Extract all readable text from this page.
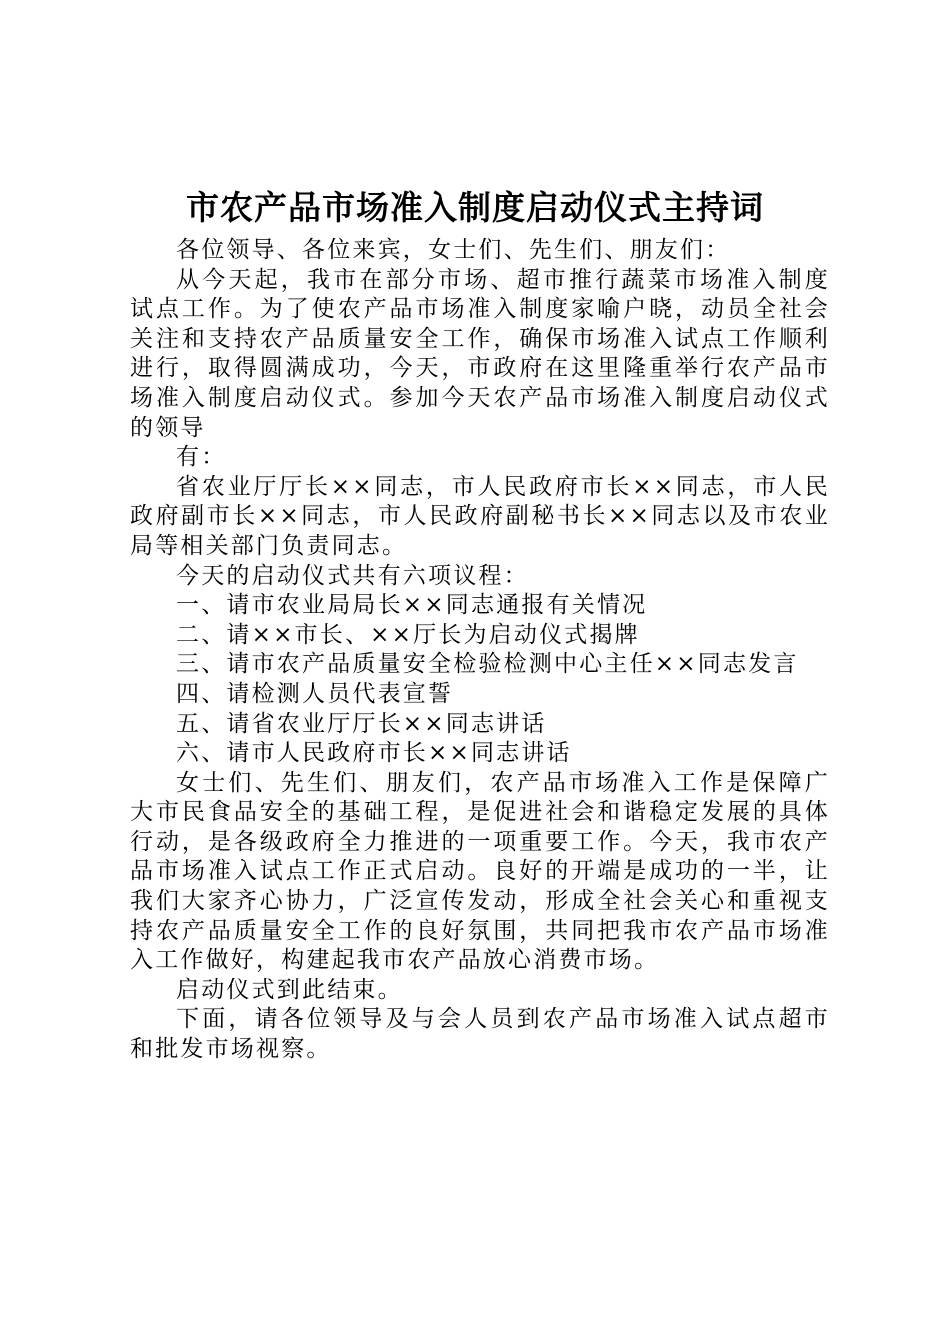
市农产品市场准入制度启动仪式主持词

各位领导、各位来宾，女士们、先生们、朋友们：

从今天起，我市在部分市场、超市推行蔬菜市场准入制度试点工作。为了使农产品市场准入制度家喻户晓，动员全社会关注和支持农产品质量安全工作，确保市场准入试点工作顺利进行，取得圆满成功，今天，市政府在这里隆重举行农产品市场准入制度启动仪式。参加今天农产品市场准入制度启动仪式的领导

有：

省农业厅厅长××同志，市人民政府市长××同志，市人民政府副市长××同志，市人民政府副秘书长××同志以及市农业局等相关部门负责同志。

今天的启动仪式共有六项议程：

一、请市农业局局长××同志通报有关情况

二、请××市长、××厅长为启动仪式揭牌

三、请市农产品质量安全检验检测中心主任××同志发言

四、请检测人员代表宣誓

五、请省农业厅厅长××同志讲话

六、请市人民政府市长××同志讲话

女士们、先生们、朋友们，农产品市场准入工作是保障广大市民食品安全的基础工程，是促进社会和谐稳定发展的具体行动，是各级政府全力推进的一项重要工作。今天，我市农产品市场准入试点工作正式启动。良好的开端是成功的一半，让我们大家齐心协力，广泛宣传发动，形成全社会关心和重视支持农产品质量安全工作的良好氛围，共同把我市农产品市场准入工作做好，构建起我市农产品放心消费市场。

启动仪式到此结束。

下面，请各位领导及与会人员到农产品市场准入试点超市和批发市场视察。
